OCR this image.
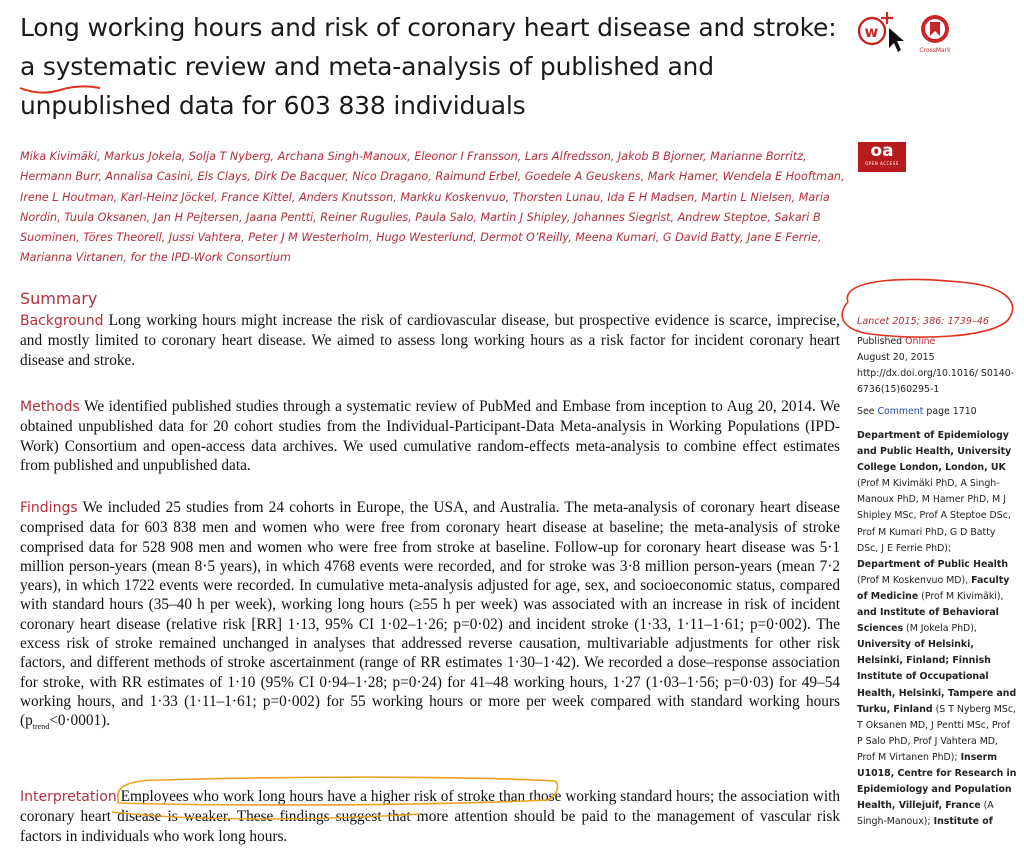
Long working hours and risk of coronary heart disease and stroke: a systematic review and meta-analysis of published and unpublished data for 603 838 individuals
w
CrossMark
oa
OPEN ACCESS
Mika Kivimäki, Markus Jokela, Solja T Nyberg, Archana Singh-Manoux, Eleonor I Fransson, Lars Alfredsson, Jakob B Bjorner, Marianne Borritz, Hermann Burr, Annalisa Casini, Els Clays, Dirk De Bacquer, Nico Dragano, Raimund Erbel, Goedele A Geuskens, Mark Hamer, Wendela E Hooftman, Irene L Houtman, Karl-Heinz Jöckel, France Kittel, Anders Knutsson, Markku Koskenvuo, Thorsten Lunau, Ida E H Madsen, Martin L Nielsen, Maria Nordin, Tuula Oksanen, Jan H Pejtersen, Jaana Pentti, Reiner Rugulies, Paula Salo, Martin J Shipley, Johannes Siegrist, Andrew Steptoe, Sakari B Suominen, Töres Theorell, Jussi Vahtera, Peter J M Westerholm, Hugo Westerlund, Dermot O’Reilly, Meena Kumari, G David Batty, Jane E Ferrie, Marianna Virtanen, for the IPD-Work Consortium
Summary

Background Long working hours might increase the risk of cardiovascular disease, but prospective evidence is scarce, imprecise, and mostly limited to coronary heart disease. We aimed to assess long working hours as a risk factor for incident coronary heart disease and stroke.

Methods We identified published studies through a systematic review of PubMed and Embase from inception to Aug 20, 2014. We obtained unpublished data for 20 cohort studies from the Individual-Participant-Data Meta-analysis in Working Populations (IPD-Work) Consortium and open-access data archives. We used cumulative random-effects meta-analysis to combine effect estimates from published and unpublished data.

Findings We included 25 studies from 24 cohorts in Europe, the USA, and Australia. The meta-analysis of coronary heart disease comprised data for 603 838 men and women who were free from coronary heart disease at baseline; the meta-analysis of stroke comprised data for 528 908 men and women who were free from stroke at baseline. Follow-up for coronary heart disease was 5·1 million person-years (mean 8·5 years), in which 4768 events were recorded, and for stroke was 3·8 million person-years (mean 7·2 years), in which 1722 events were recorded. In cumulative meta-analysis adjusted for age, sex, and socioeconomic status, compared with standard hours (35–40 h per week), working long hours (≥55 h per week) was associated with an increase in risk of incident coronary heart disease (relative risk [RR] 1·13, 95% CI 1·02–1·26; p=0·02) and incident stroke (1·33, 1·11–1·61; p=0·002). The excess risk of stroke remained unchanged in analyses that addressed reverse causation, multivariable adjustments for other risk factors, and different methods of stroke ascertainment (range of RR estimates 1·30–1·42). We recorded a dose–response association for stroke, with RR estimates of 1·10 (95% CI 0·94–1·28; p=0·24) for 41–48 working hours, 1·27 (1·03–1·56; p=0·03) for 49–54 working hours, and 1·33 (1·11–1·61; p=0·002) for 55 working hours or more per week compared with standard working hours $(p_{trend}<0\cdot 0001)$.

Interpretation Employees who work long hours have a higher risk of stroke than those working standard hours; the association with coronary heart disease is weaker. These findings suggest that more attention should be paid to the management of vascular risk factors in individuals who work long hours.

Lancet 2015; 386: 1739–46
Published Online
August 20, 2015
http://dx.doi.org/10.1016/ S0140-6736(15)60295-1
See Comment page 1710
Department of Epidemiology and Public Health, University College London, London, UK (Prof M Kivimäki PhD, A Singh-Manoux PhD, M Hamer PhD, M J Shipley MSc, Prof A Steptoe DSc, Prof M Kumari PhD, G D Batty DSc, J E Ferrie PhD); Department of Public Health (Prof M Koskenvuo MD), Faculty of Medicine (Prof M Kivimäki), and Institute of Behavioral Sciences (M Jokela PhD), University of Helsinki, Helsinki, Finland; Finnish Institute of Occupational Health, Helsinki, Tampere and Turku, Finland (S T Nyberg MSc, T Oksanen MD, J Pentti MSc, Prof P Salo PhD, Prof J Vahtera MD, Prof M Virtanen PhD); Inserm U1018, Centre for Research in Epidemiology and Population Health, Villejuif, France (A Singh-Manoux); Institute of
